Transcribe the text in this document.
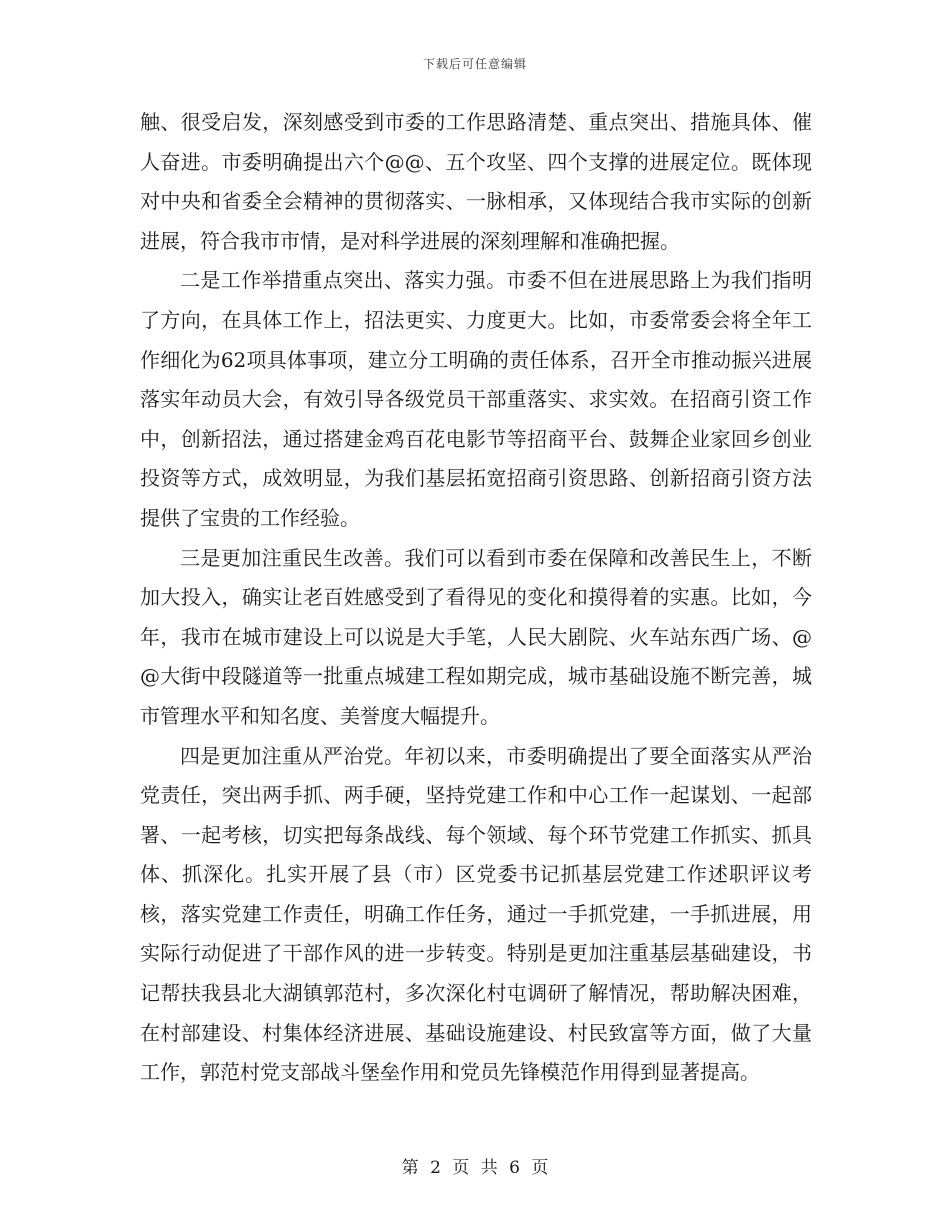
下载后可任意编辑

触、很受启发，深刻感受到市委的工作思路清楚、重点突出、措施具体、催人奋进。市委明确提出六个@@、五个攻坚、四个支撑的进展定位。既体现对中央和省委全会精神的贯彻落实、一脉相承，又体现结合我市实际的创新进展，符合我市市情，是对科学进展的深刻理解和准确把握。

二是工作举措重点突出、落实力强。市委不但在进展思路上为我们指明了方向，在具体工作上，招法更实、力度更大。比如，市委常委会将全年工作细化为62项具体事项，建立分工明确的责任体系，召开全市推动振兴进展落实年动员大会，有效引导各级党员干部重落实、求实效。在招商引资工作中，创新招法，通过搭建金鸡百花电影节等招商平台、鼓舞企业家回乡创业投资等方式，成效明显，为我们基层拓宽招商引资思路、创新招商引资方法提供了宝贵的工作经验。

三是更加注重民生改善。我们可以看到市委在保障和改善民生上，不断加大投入，确实让老百姓感受到了看得见的变化和摸得着的实惠。比如，今年，我市在城市建设上可以说是大手笔，人民大剧院、火车站东西广场、@@大街中段隧道等一批重点城建工程如期完成，城市基础设施不断完善，城市管理水平和知名度、美誉度大幅提升。

四是更加注重从严治党。年初以来，市委明确提出了要全面落实从严治党责任，突出两手抓、两手硬，坚持党建工作和中心工作一起谋划、一起部署、一起考核，切实把每条战线、每个领域、每个环节党建工作抓实、抓具体、抓深化。扎实开展了县（市）区党委书记抓基层党建工作述职评议考核，落实党建工作责任，明确工作任务，通过一手抓党建，一手抓进展，用实际行动促进了干部作风的进一步转变。特别是更加注重基层基础建设，书记帮扶我县北大湖镇郭范村，多次深化村屯调研了解情况，帮助解决困难，在村部建设、村集体经济进展、基础设施建设、村民致富等方面，做了大量工作，郭范村党支部战斗堡垒作用和党员先锋模范作用得到显著提高。

第 2 页 共 6 页
